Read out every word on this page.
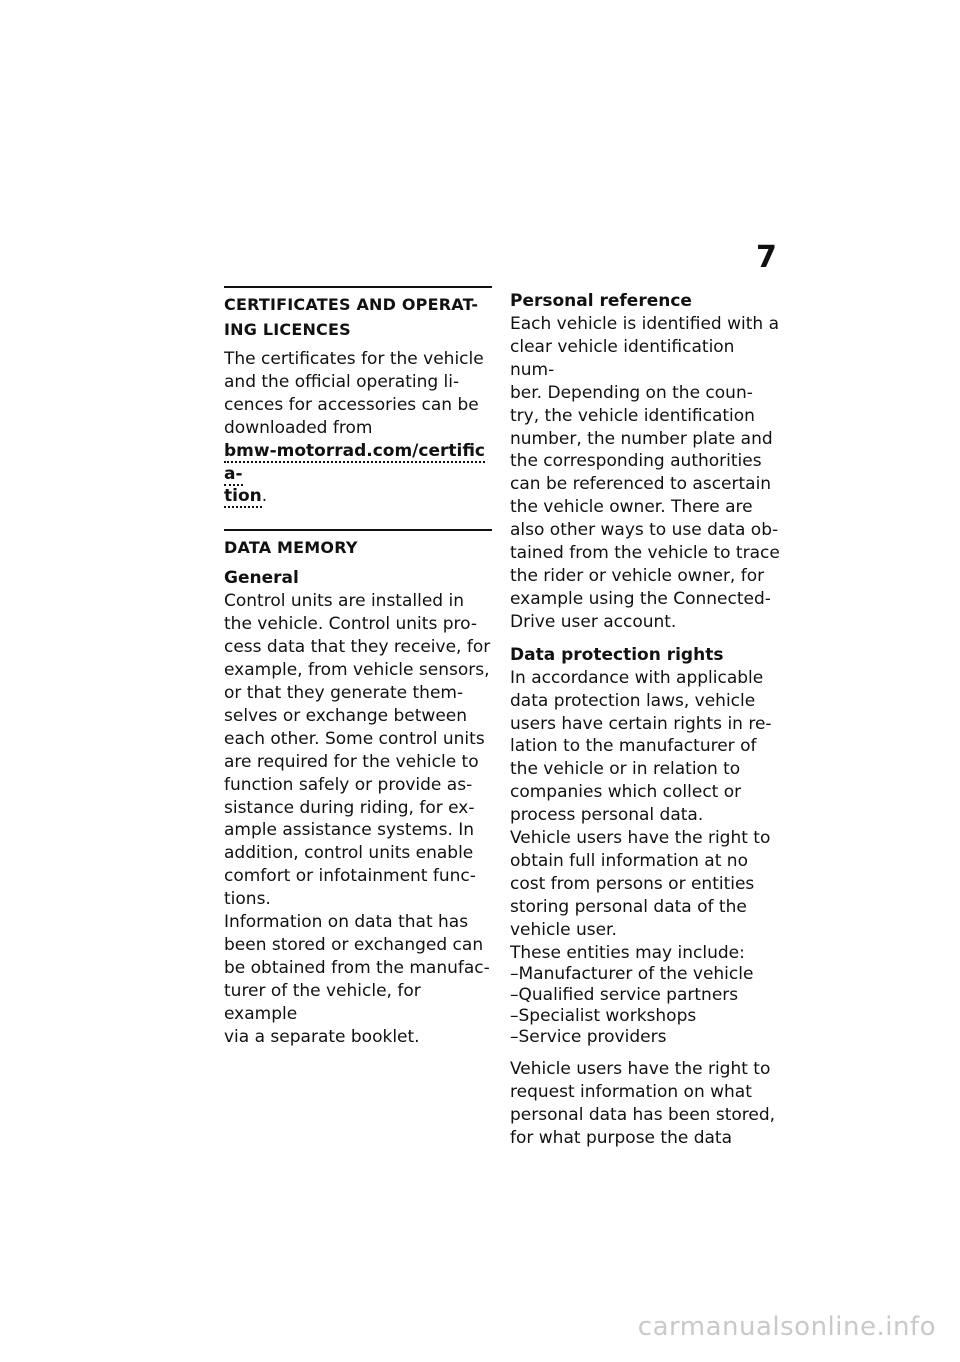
7
CERTIFICATES AND OPERAT-
ING LICENCES

The certificates for the vehicle
and the official operating li-
cences for accessories can be
downloaded from
bmw-motorrad.com/certifica-
tion.

DATA MEMORY
General

Control units are installed in
the vehicle. Control units pro-
cess data that they receive, for
example, from vehicle sensors,
or that they generate them-
selves or exchange between
each other. Some control units
are required for the vehicle to
function safely or provide as-
sistance during riding, for ex-
ample assistance systems. In
addition, control units enable
comfort or infotainment func-
tions.
Information on data that has
been stored or exchanged can
be obtained from the manufac-
turer of the vehicle, for example
via a separate booklet.

Personal reference

Each vehicle is identified with a
clear vehicle identification num-
ber. Depending on the coun-
try, the vehicle identification
number, the number plate and
the corresponding authorities
can be referenced to ascertain
the vehicle owner. There are
also other ways to use data ob-
tained from the vehicle to trace
the rider or vehicle owner, for
example using the Connected-
Drive user account.

Data protection rights

In accordance with applicable
data protection laws, vehicle
users have certain rights in re-
lation to the manufacturer of
the vehicle or in relation to
companies which collect or
process personal data.
Vehicle users have the right to
obtain full information at no
cost from persons or entities
storing personal data of the
vehicle user.
These entities may include:

– Manufacturer of the vehicle
– Qualified service partners
– Specialist workshops
– Service providers

Vehicle users have the right to
request information on what
personal data has been stored,
for what purpose the data

carmanualsonline.info
